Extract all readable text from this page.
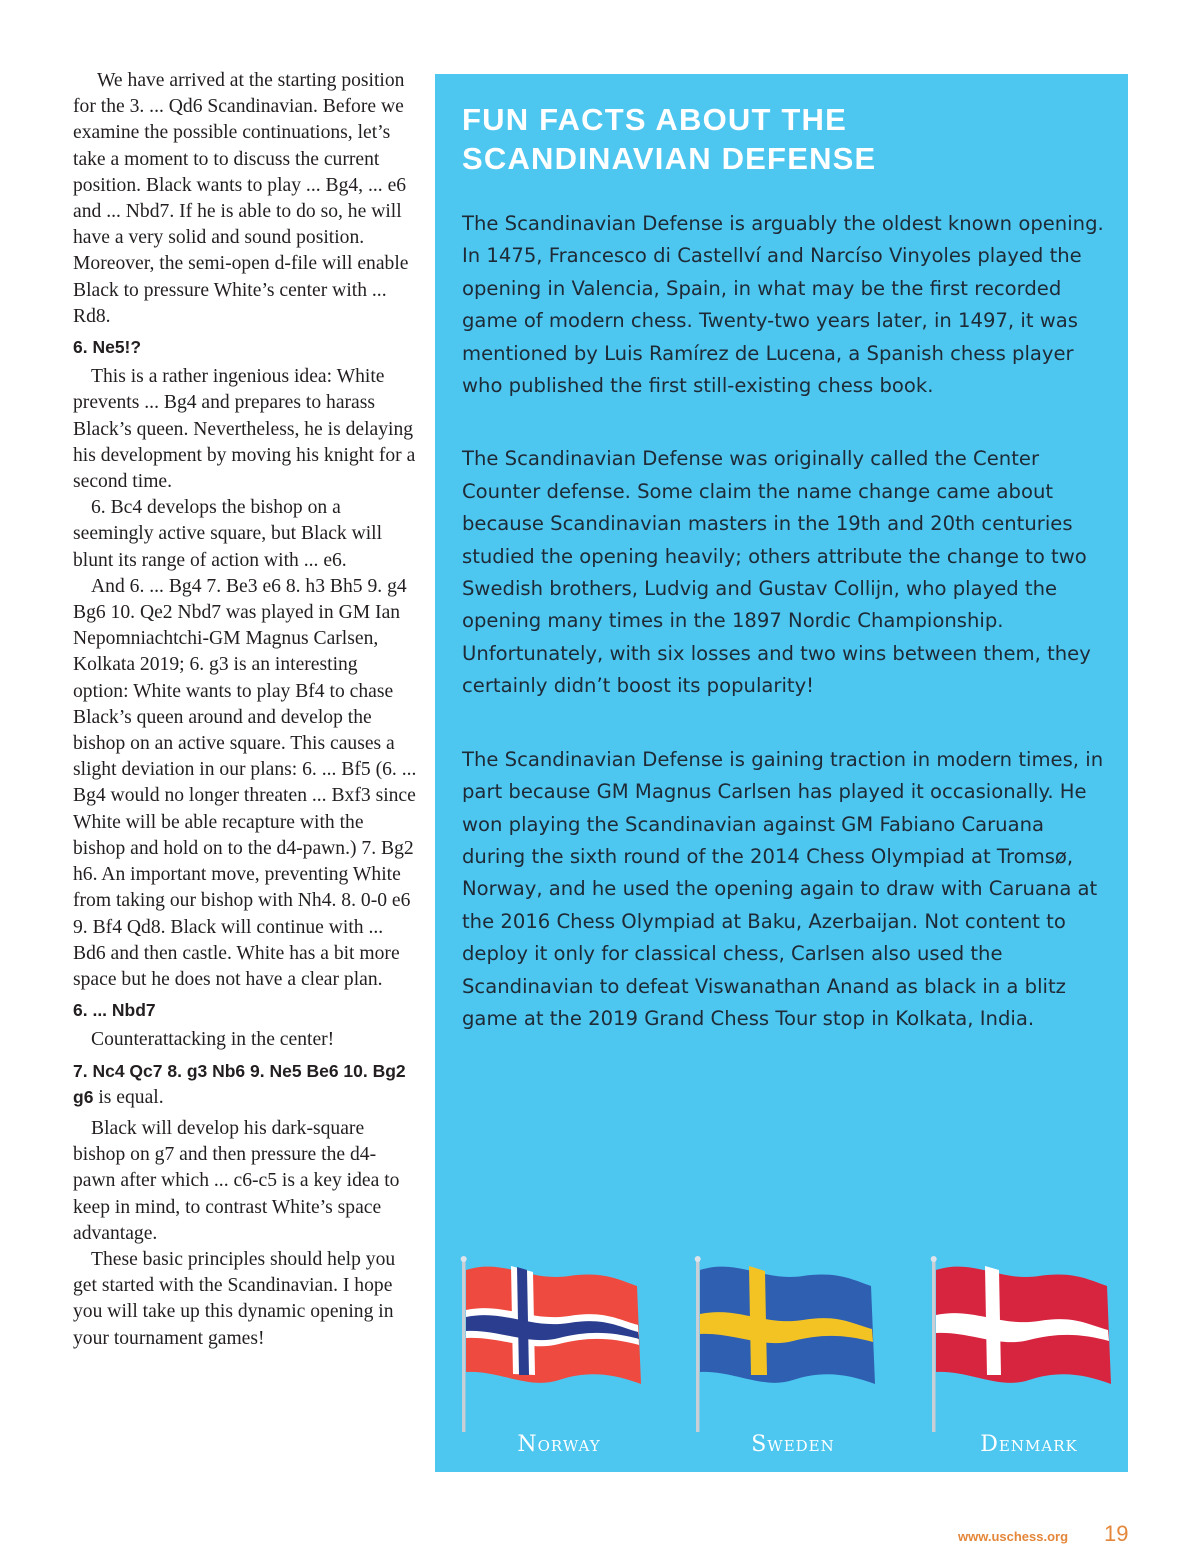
We have arrived at the starting position for the 3. ... Qd6 Scandinavian. Before we examine the possible continuations, let’s take a moment to to discuss the current position. Black wants to play ... Bg4, ... e6 and ... Nbd7. If he is able to do so, he will have a very solid and sound position. Moreover, the semi-open d-file will enable Black to pressure White’s center with ... Rd8.

6. Ne5!?

This is a rather ingenious idea: White prevents ... Bg4 and prepares to harass Black’s queen. Nevertheless, he is delaying his development by moving his knight for a second time.

6. Bc4 develops the bishop on a seemingly active square, but Black will blunt its range of action with ... e6.

And 6. ... Bg4 7. Be3 e6 8. h3 Bh5 9. g4 Bg6 10. Qe2 Nbd7 was played in GM Ian Nepomniachtchi-GM Magnus Carlsen, Kolkata 2019; 6. g3 is an interesting option: White wants to play Bf4 to chase Black’s queen around and develop the bishop on an active square. This causes a slight deviation in our plans: 6. ... Bf5 (6. ... Bg4 would no longer threaten ... Bxf3 since White will be able recapture with the bishop and hold on to the d4-pawn.) 7. Bg2 h6. An important move, preventing White from taking our bishop with Nh4. 8. 0-0 e6 9. Bf4 Qd8. Black will continue with ... Bd6 and then castle. White has a bit more space but he does not have a clear plan.

6. ... Nbd7

Counterattacking in the center!

7. Nc4 Qc7 8. g3 Nb6 9. Ne5 Be6 10. Bg2 g6 is equal.

Black will develop his dark-square bishop on g7 and then pressure the d4-pawn after which ... c6-c5 is a key idea to keep in mind, to contrast White’s space advantage.

These basic principles should help you get started with the Scandinavian. I hope you will take up this dynamic opening in your tournament games!

FUN FACTS ABOUT THE
SCANDINAVIAN DEFENSE

The Scandinavian Defense is arguably the oldest known opening. In 1475, Francesco di Castellví and Narcíso Vinyoles played the opening in Valencia, Spain, in what may be the first recorded game of modern chess. Twenty-two years later, in 1497, it was mentioned by Luis Ramírez de Lucena, a Spanish chess player who published the first still-existing chess book.

The Scandinavian Defense was originally called the Center Counter defense. Some claim the name change came about because Scandinavian masters in the 19th and 20th centuries studied the opening heavily; others attribute the change to two Swedish brothers, Ludvig and Gustav Collijn, who played the opening many times in the 1897 Nordic Championship. Unfortunately, with six losses and two wins between them, they certainly didn’t boost its popularity!

The Scandinavian Defense is gaining traction in modern times, in part because GM Magnus Carlsen has played it occasionally. He won playing the Scandinavian against GM Fabiano Caruana during the sixth round of the 2014 Chess Olympiad at Tromsø, Norway, and he used the opening again to draw with Caruana at the 2016 Chess Olympiad at Baku, Azerbaijan. Not content to deploy it only for classical chess, Carlsen also used the Scandinavian to defeat Viswanathan Anand as black in a blitz game at the 2019 Grand Chess Tour stop in Kolkata, India.

Norway	Sweden	Denmark
www.uschess.org 19
